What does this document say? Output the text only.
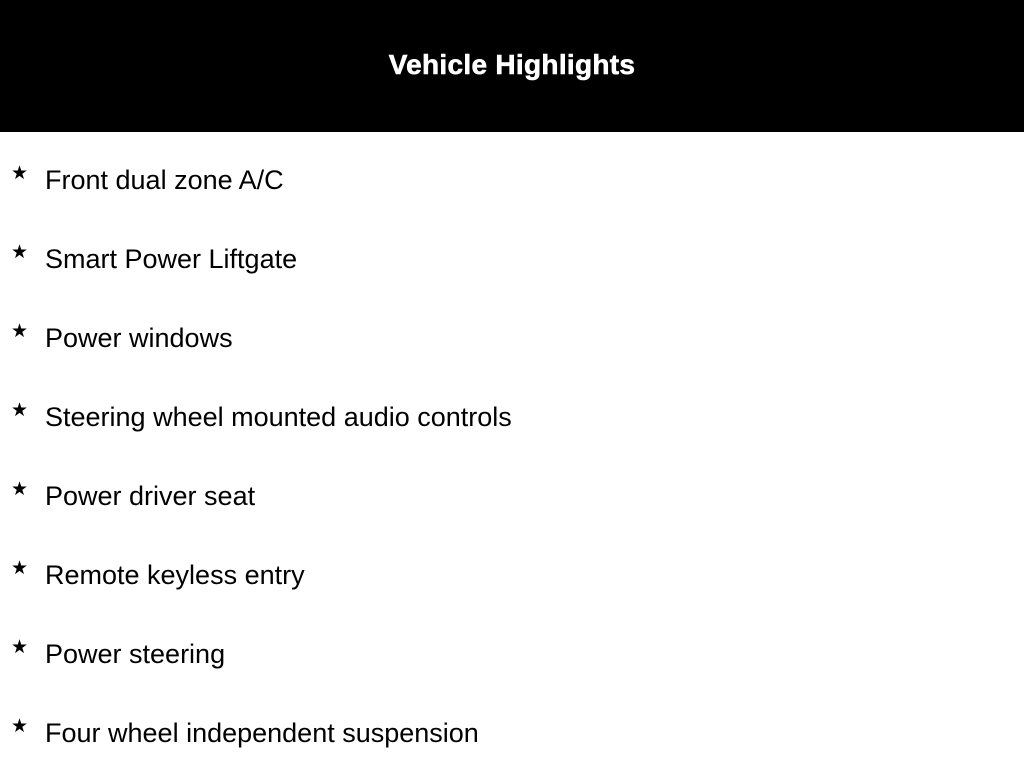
Vehicle Highlights
★ Front dual zone A/C
★ Smart Power Liftgate
★ Power windows
★ Steering wheel mounted audio controls
★ Power driver seat
★ Remote keyless entry
★ Power steering
★ Four wheel independent suspension
